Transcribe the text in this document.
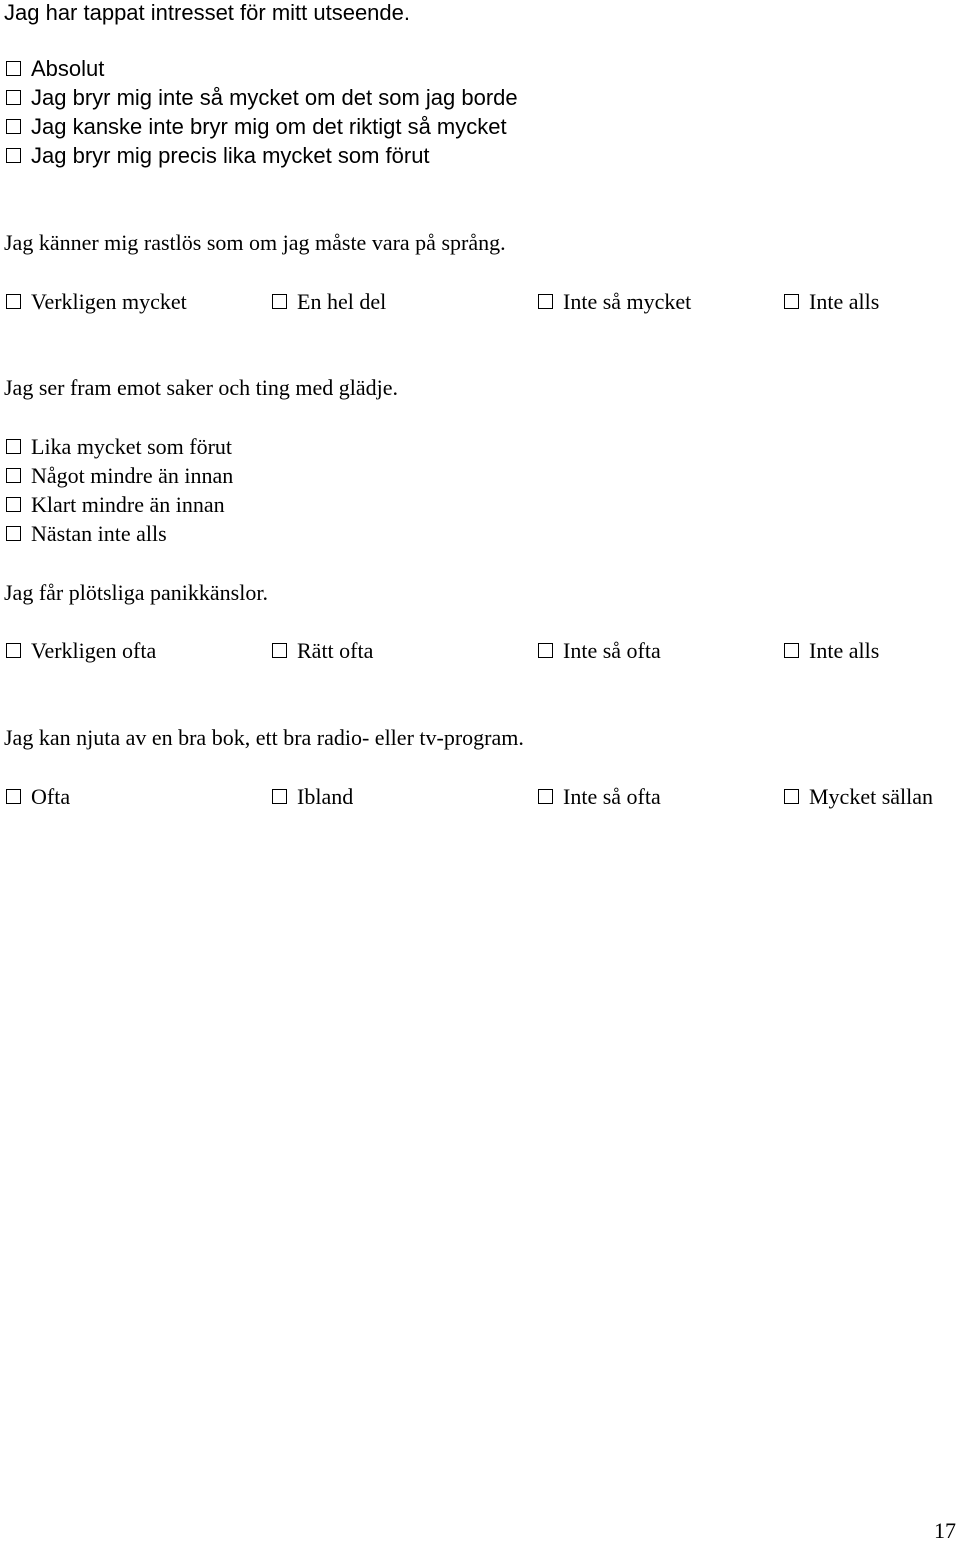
Jag har tappat intresset för mitt utseende.
Absolut
Jag bryr mig inte så mycket om det som jag borde
Jag kanske inte bryr mig om det riktigt så mycket
Jag bryr mig precis lika mycket som förut
Jag känner mig rastlös som om jag måste vara på språng.
Verkligen mycket	En hel del	Inte så mycket	Inte alls
Jag ser fram emot saker och ting med glädje.
Lika mycket som förut
Något mindre än innan
Klart mindre än innan
Nästan inte alls
Jag får plötsliga panikkänslor.
Verkligen ofta	Rätt ofta	Inte så ofta	Inte alls
Jag kan njuta av en bra bok, ett bra radio- eller tv-program.
Ofta	Ibland	Inte så ofta	Mycket sällan
17
